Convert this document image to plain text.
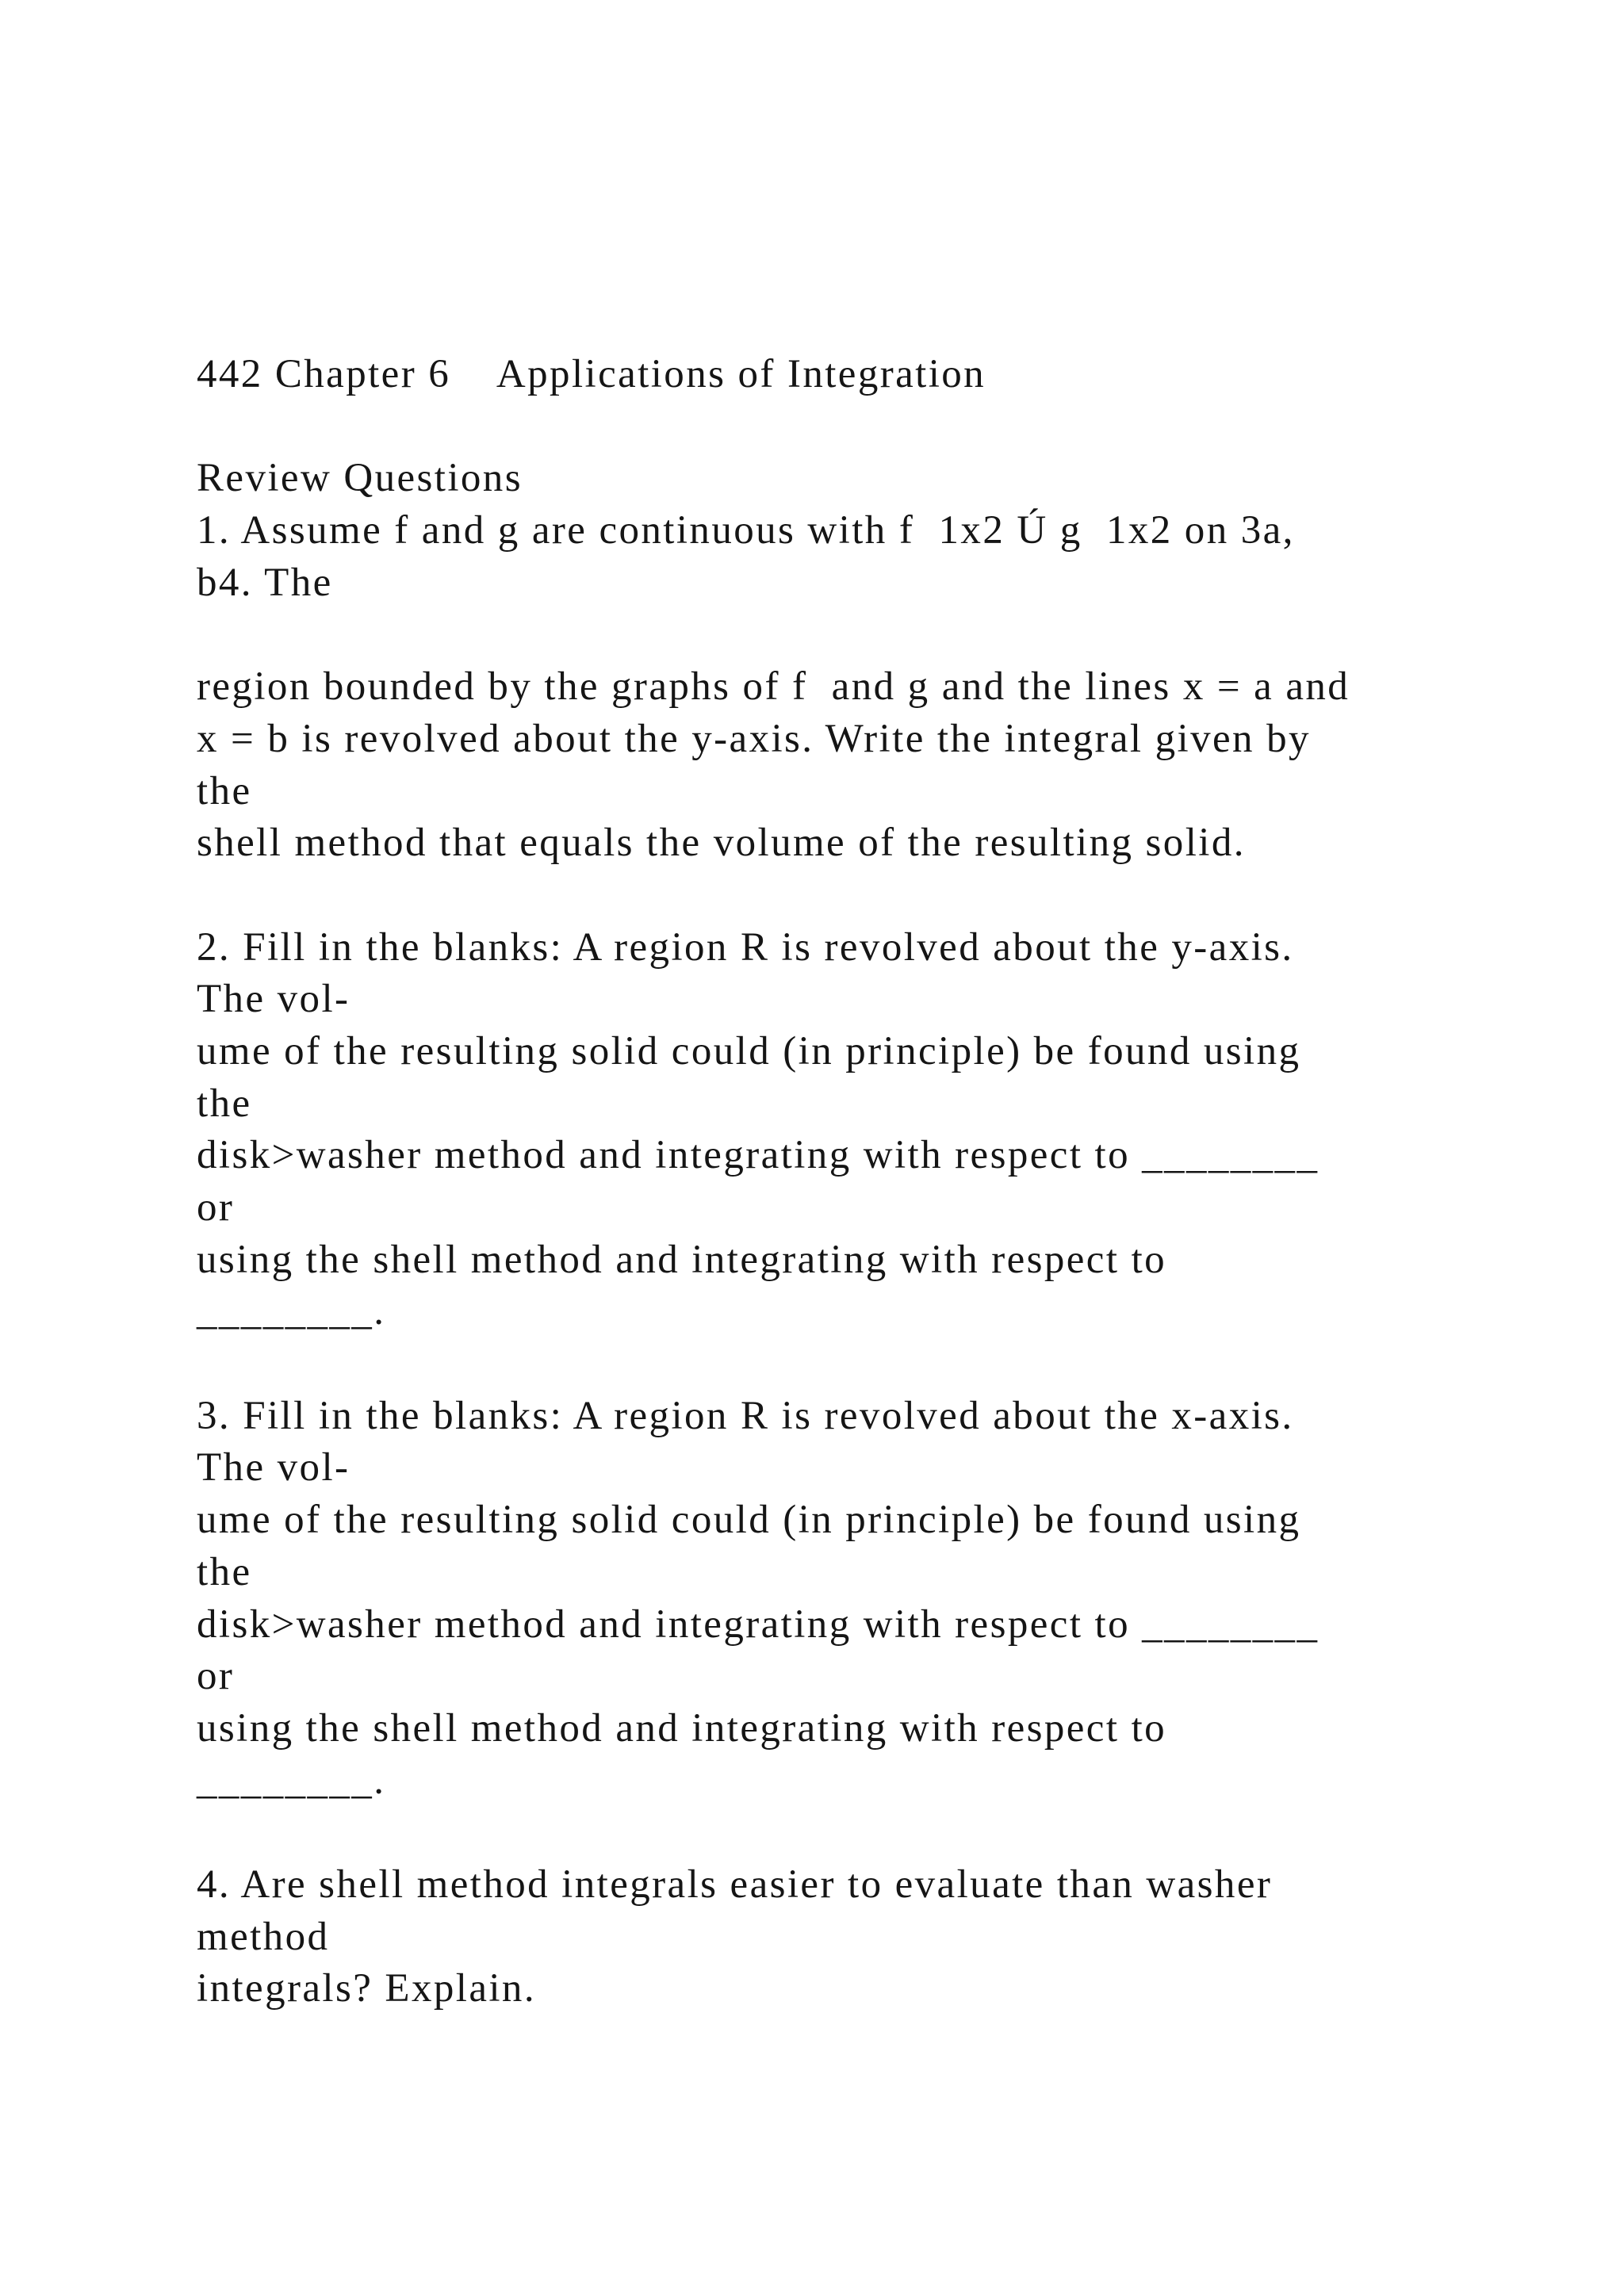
442 Chapter 6    Applications of Integration
Review Questions
1. Assume f and g are continuous with f  1x2 Ú g  1x2 on 3a,
b4. The
region bounded by the graphs of f  and g and the lines x = a and
x = b is revolved about the y-axis. Write the integral given by
the
shell method that equals the volume of the resulting solid.
2. Fill in the blanks: A region R is revolved about the y-axis.
The vol-
ume of the resulting solid could (in principle) be found using
the
disk>washer method and integrating with respect to ________
or
using the shell method and integrating with respect to
________.
3. Fill in the blanks: A region R is revolved about the x-axis.
The vol-
ume of the resulting solid could (in principle) be found using
the
disk>washer method and integrating with respect to ________
or
using the shell method and integrating with respect to
________.
4. Are shell method integrals easier to evaluate than washer
method
integrals? Explain.
